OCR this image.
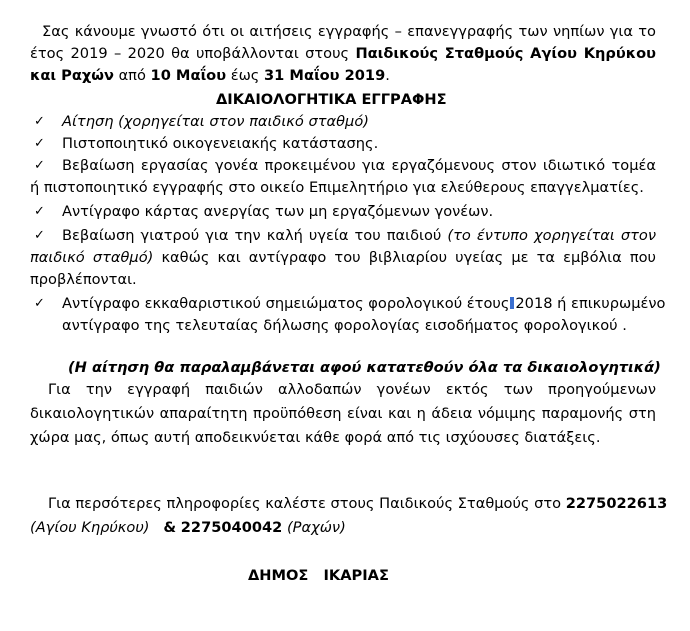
Σας κάνουμε γνωστό ότι οι αιτήσεις εγγραφής – επανεγγραφής των νηπίων για το
έτος 2019 – 2020 θα υποβάλλονται στους Παιδικούς Σταθμούς Αγίου Κηρύκου
και Ραχών από 10 Μαΐου έως 31 Μαΐου 2019.
ΔΙΚΑΙΟΛΟΓΗΤΙΚΑ ΕΓΓΡΑΦΗΣ
✓ Αίτηση (χορηγείται στον παιδικό σταθμό)
✓ Πιστοποιητικό οικογενειακής κατάστασης.
✓ Βεβαίωση εργασίας γονέα προκειμένου για εργαζόμενους στον ιδιωτικό τομέα
ή πιστοποιητικό εγγραφής στο οικείο Επιμελητήριο για ελεύθερους επαγγελματίες.
✓ Αντίγραφο κάρτας ανεργίας των μη εργαζόμενων γονέων.
✓ Βεβαίωση γιατρού για την καλή υγεία του παιδιού (το έντυπο χορηγείται στον
παιδικό σταθμό) καθώς και αντίγραφο του βιβλιαρίου υγείας με τα εμβόλια που
προβλέπονται.
✓ Αντίγραφο εκκαθαριστικού σημειώματος φορολογικού έτους 2018 ή επικυρωμένο
αντίγραφο της τελευταίας δήλωσης φορολογίας εισοδήματος φορολογικού .
(Η αίτηση θα παραλαμβάνεται αφού κατατεθούν όλα τα δικαιολογητικά)
Για την εγγραφή παιδιών αλλοδαπών γονέων εκτός των προηγούμενων
δικαιολογητικών απαραίτητη προϋπόθεση είναι και η άδεια νόμιμης παραμονής στη
χώρα μας, όπως αυτή αποδεικνύεται κάθε φορά από τις ισχύουσες διατάξεις.
Για περσότερες πληροφορίες καλέστε στους Παιδικούς Σταθμούς στο 2275022613
(Αγίου Κηρύκου) & 2275040042 (Ραχών)
ΔΗΜΟΣ ΙΚΑΡΙΑΣ
